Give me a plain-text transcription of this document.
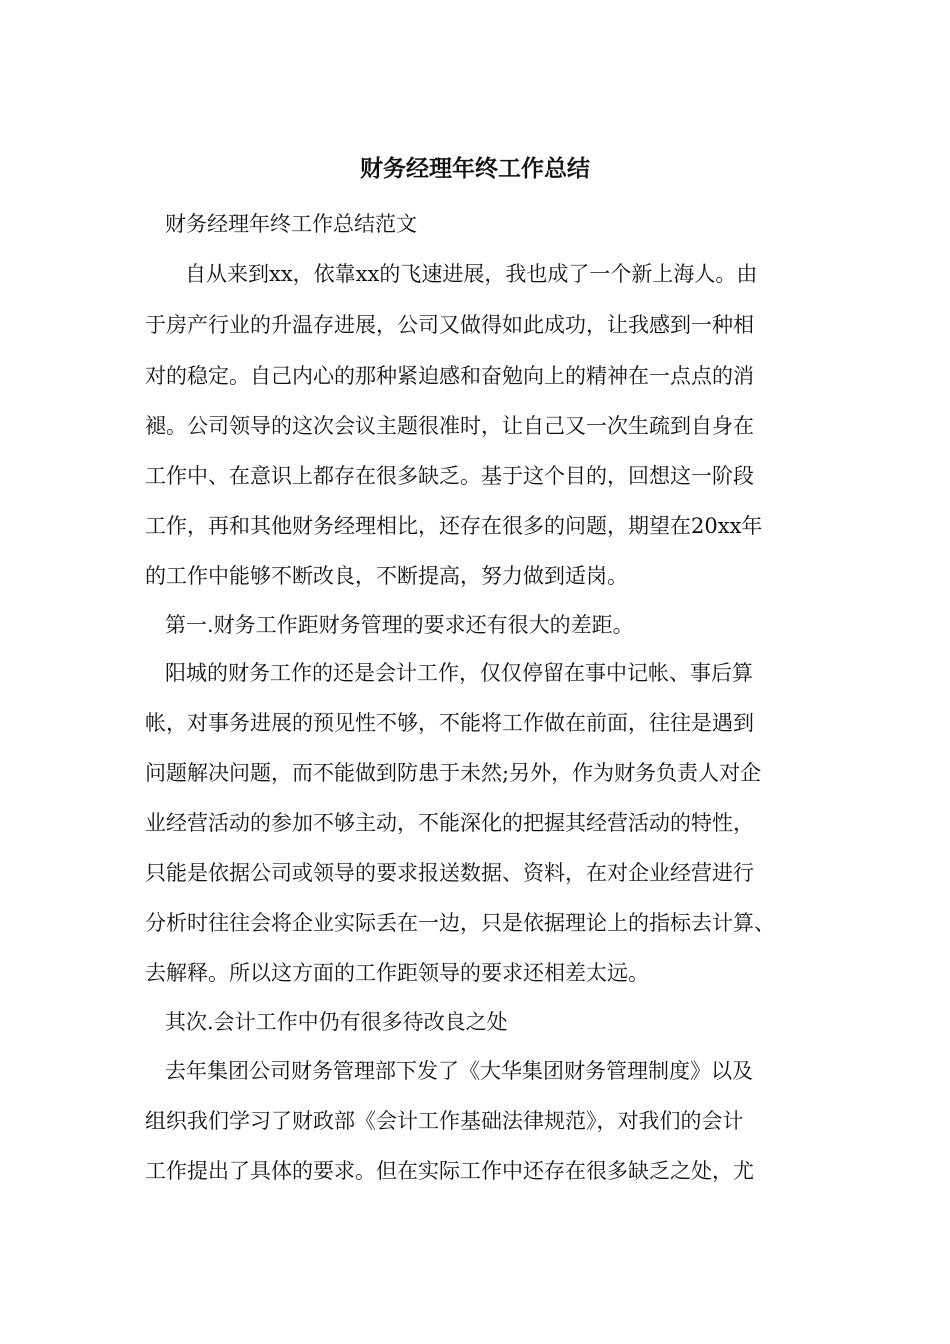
财务经理年终工作总结

财务经理年终工作总结范文

自从来到xx，依靠xx的飞速进展，我也成了一个新上海人。由

于房产行业的升温存进展，公司又做得如此成功，让我感到一种相

对的稳定。自己内心的那种紧迫感和奋勉向上的精神在一点点的消

褪。公司领导的这次会议主题很准时，让自己又一次生疏到自身在

工作中、在意识上都存在很多缺乏。基于这个目的，回想这一阶段

工作，再和其他财务经理相比，还存在很多的问题，期望在20xx年

的工作中能够不断改良，不断提高，努力做到适岗。

第一.财务工作距财务管理的要求还有很大的差距。

阳城的财务工作的还是会计工作，仅仅停留在事中记帐、事后算

帐，对事务进展的预见性不够，不能将工作做在前面，往往是遇到

问题解决问题，而不能做到防患于未然;另外，作为财务负责人对企

业经营活动的参加不够主动，不能深化的把握其经营活动的特性，

只能是依据公司或领导的要求报送数据、资料，在对企业经营进行

分析时往往会将企业实际丢在一边，只是依据理论上的指标去计算、

去解释。所以这方面的工作距领导的要求还相差太远。

其次.会计工作中仍有很多待改良之处

去年集团公司财务管理部下发了《大华集团财务管理制度》以及

组织我们学习了财政部《会计工作基础法律规范》，对我们的会计

工作提出了具体的要求。但在实际工作中还存在很多缺乏之处，尤
